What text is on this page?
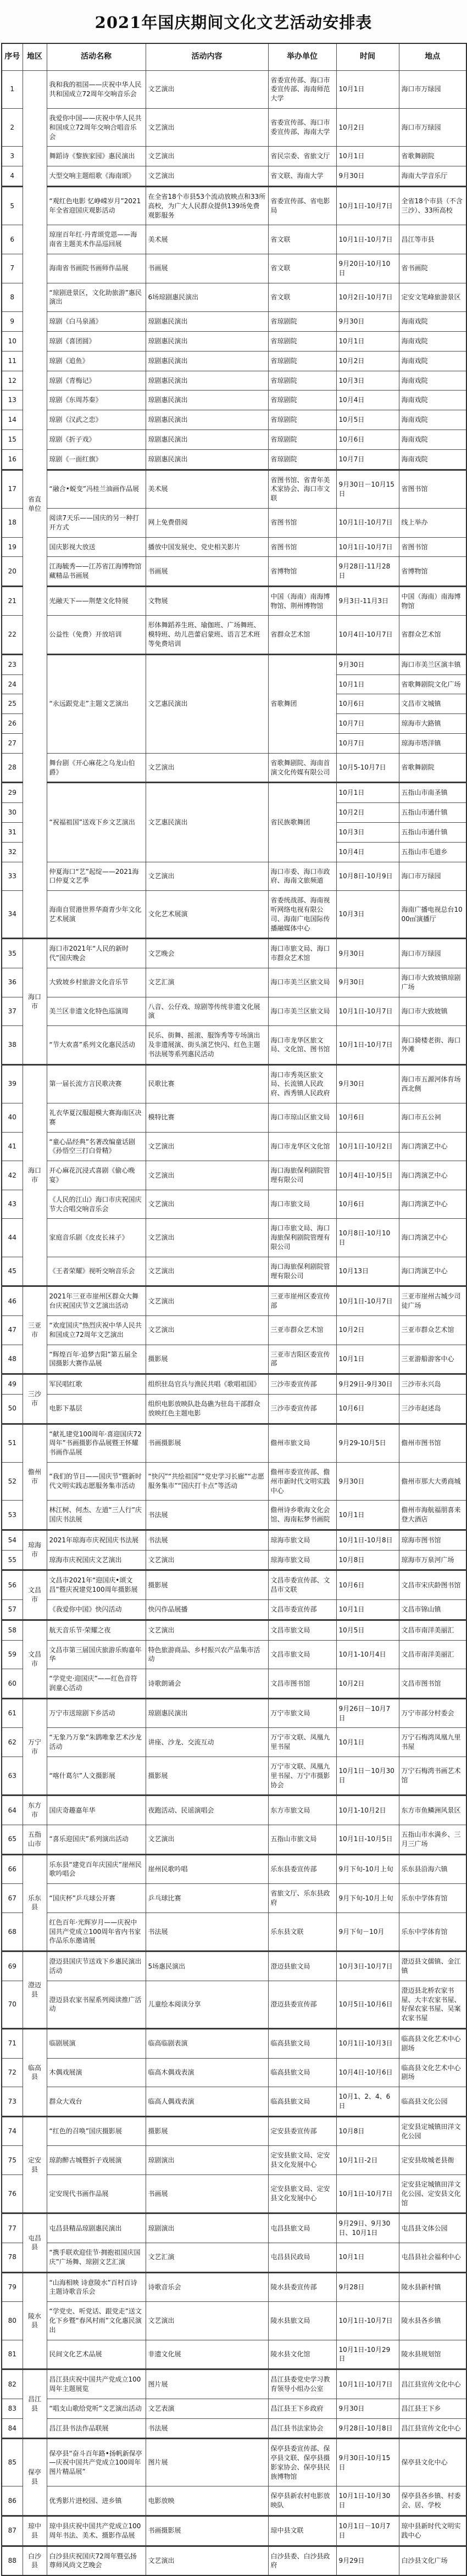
2021年国庆期间文化文艺活动安排表
序号	地区	活动名称	活动内容	举办单位	时间	地点
1	省直单位	我和我的祖国——庆祝中华人民共和国成立72周年交响音乐会	文艺演出	省委宣传部、海口市委宣传部、海南师范大学	10月1日	海口市万绿园
2		我爱你中国——庆祝中华人民共和国成立72周年交响合唱音乐会	文艺演出	省委宣传部、海口市委宣传部、海南大学	10月2日	海口市万绿园
3		舞蹈诗《黎族家园》惠民演出	文艺演出	省民宗委、省旅文厅	10月1日	省歌舞剧院
4		大型交响主题组歌《海南颂》	文艺演出	省文联、海南大学	9月30日	海南大学音乐厅
5		“观红色电影 忆峥嵘岁月”2021年全省迎国庆观影活动	在全省18个市县53个流动放映点和33所高校，为广大人民群众提供139场免费观影服务	省委宣传部、省电影局	10月1日-10月7日	全省18个市县（不含三沙）、33所高校
6		琼崖百年红·丹青颂党恩——海南省主题美术作品巡回展	美术展	省文联	10月1日-10月7日	昌江等市县
7		海南省书画院书画师作品展	书画展	省文联	9月20日-10月10日	省书画院
8		“琼剧进景区，文化助旅游”惠民演出	6场琼剧惠民演出	省文联	10月2日-10月7日	定安文笔峰旅游景区
9		琼剧《白马泉涌》	琼剧惠民演出	省琼剧院	9月30日	海南戏院
10		琼剧《喜团圆》	琼剧惠民演出	省琼剧院	10月1日	海南戏院
11		琼剧《追鱼》	琼剧惠民演出	省琼剧院	10月2日	海南戏院
12		琼剧《青梅记》	琼剧惠民演出	省琼剧院	10月3日	海南戏院
13		琼剧《东周苏秦》	琼剧惠民演出	省琼剧院	10月4日	海南戏院
14		琼剧《汉武之恋》	琼剧惠民演出	省琼剧院	10月5日	海南戏院
15		琼剧《折子戏》	琼剧惠民演出	省琼剧院	10月6日	海南戏院
16		琼剧《一面红旗》	琼剧惠民演出	省琼剧院	10月7日	海南戏院
17		“融合•蜕变”冯桂兰油画作品展	美术展	省图书馆、省青年美术家协会、海口市文联	9月30日－10月15日	省图书馆
18		阅读7天乐——国庆的另一种打开方式	网上免费借阅	省图书馆	10月1日-10月7日	线上举办
19		国庆影视大放送	播放中国发展史、党史相关影片	省图书馆	10月1日-10月7日	省图书馆
20		江海毓秀——江苏省江海博物馆藏精品书画展	书画展	省博物馆	9月28日-11月28日	省博物馆
21		光融天下——荆楚文化特展	文物展	中国（海南）南海博物馆、荆州博物馆	9月3日-11月3日	中国（海南）南海博物馆
22		公益性（免费）开放培训	形体舞蹈养生班、瑜伽班、广场舞班、模特班、幼儿芭蕾启蒙班、语言艺术班等免费培训	省群众艺术馆	10月4日-10月7日	省群众艺术馆
23		“永远跟党走”主题文艺演出	文艺惠民演出	省歌舞团	9月30日	海口市美兰区演丰镇
24					10月1日	省歌舞剧院文化广场
25					10月6日	文昌市文城镇
26					10月7日	琼海市大路镇
27					10月7日	琼海市塔洋镇
28		舞台剧《开心麻花之乌龙山伯爵》	文艺演出	省歌舞剧院、海南首演文化传媒有限公司	10月5-10月7日	省歌舞剧院
29		“祝福祖国”送戏下乡文艺演出	文艺惠民演出	省民族歌舞团	10月1日	五指山市南圣镇
30					10月2日	五指山市通什镇
31					10月3日	五指山市通什镇
32					10月4日	五指山市毛道乡
33		仲夏海口“艺”起绽——2021海口仲夏文艺季	文艺演出	海口市委、海口市政府、海南文旅频道	10月8日-10月9日	海口市万绿园
34		海南自贸港世界华裔青少年文化艺术展演	文化艺术展演	省委统战部、海南视听网络电视有限公司、海南广电国际传播融媒体中心	10月3日	海南广播电视总台1000㎡演播厅
35	海口市	海口市2021年“人民的新时代”国庆晚会	文艺晚会	海口市旅文局、海口市群众艺术馆	9月30日	海口市万绿园
36		大致坡乡村旅游文化音乐节	文艺汇演	海口市美兰区旅文局	9月30日	海口市大致坡镇琼剧广场
37		美兰区非遗文化特色巡演周	八音、公仔戏、琼剧等传统非遗文化展演	海口市美兰区旅文局	10月1日-10月7日	海口市大致坡镇
38		“节大欢喜”系列文化惠民活动	民乐、街舞、摇滚、服饰秀等专场演出及非遗展演、街头演艺快闪、红色主题书法展等系列惠民活动	海口市龙华区旅文局、文化馆、图书馆	10月1日-10月7日	海口骑楼老街、海口外滩
39	海口市	第一届长流方言民歌决赛	民歌比赛	海口市秀英区旅文局、长流镇人民政府、西秀镇人民政府	9月30日	海口市五源河体育场西北侧
40		礼衣华夏汉服超模大赛海南区决赛	模特比赛	海口市琼山区旅文局	10月6日	海口市五公祠
41		“童心品经典”名著改编童话剧《孙悟空三打白骨精》	文艺演出	海口市龙华区文化馆	10月1日-10月2日	海口湾演艺中心
42		开心麻花沉浸式喜剧《偷心晚宴》	文艺演出	海口海旅保利剧院管理有限公司	10月4日-10月5日	海口湾演艺中心
43		《人民的江山》海口市庆祝国庆节大合唱交响音乐会	文艺演出	海口市旅文局	10月6日	海口湾演艺中心
44		家庭音乐剧《皮皮长袜子》	文艺演出	海口市旅文局、海口海旅保利剧院管理有限公司	10月8日-10月10日	海口湾演艺中心
45		《王者荣耀》视听交响音乐会	文艺演出	海口海旅保利剧院管理有限公司	10月13日	海口湾演艺中心
46	三亚市	2021年三亚市崖州区群众大舞台庆祝国庆节文艺演出活动	文艺演出	三亚市崖州区委宣传部	10月1日-10月7日	三亚市崖州古城少司徒广场
47		“欢度国庆”热烈庆祝中华人民共和国成立72周年文艺演出	文艺演出	三亚市群众艺术馆	10月2日	三亚市群众艺术馆
48		“辉煌百年·追梦吉阳”第五届全国摄影大赛作品展	摄影展	三亚市吉阳区委宣传部	10月1日	三亚游船游客中心
49	三沙市	军民唱红歌	组织驻岛官兵与渔民共唱《歌唱祖国》	三沙市委宣传部	9月29日-9月30日	三沙市永兴岛
50		电影下基层	组织电影放映队赴岛礁为驻岛干部群众放映红色主题电影	三沙市委宣传部	10月6日	三沙市赵述岛
51	儋州市	“献礼建党100周年·喜迎国庆72周年”书画摄影作品展暨王怀耀书画作品展	书画摄影展	儋州市旅文局	9月29-10月5日	儋州市图书馆
52		“我们的节日——国庆节”暨新时代文明实践志愿服务集市活动	“快闪”“共绘祖国”“党史学习长廊”“志愿服务集市”“国庆打卡点”等活动	儋州市委宣传部、儋州市新时代文明实践中心	9月30日	儋州市那大大勇商城
53		林江树、何杰、左道“三人行”庆国庆书法展	书法展	儋州诗乡歌海文化会馆、海南耘梦书画院	10月1日	儋州市海航福朋喜来登大酒店
54	琼海市	2021年琼海市庆祝国庆书法展	书法展	琼海市旅文局	10月1日-10月8日	琼海市图书馆
55		琼海市庆祝国庆文艺演出	文艺演出	琼海市旅文局	10月8日	琼海市万泉河广场
56	文昌市	文昌市2021年“迎国庆•颂文昌”暨庆祝建党100周年摄影展	摄影展	文昌市委宣传部、文昌市文联	10月6日	文昌市宋庆龄图书馆
57		《我爱你中国》快闪活动	快闪作品展播	文昌市委宣传部	10月1日	文昌市锦山镇
58	文昌市	航天音乐节·荣耀之夜	文艺演出	文昌市旅文局	10月5日	文昌市南洋美丽汇
59		文昌市第三届国庆旅游乐购嘉年华	特色旅游商品、乡村振兴农产品集市活动	文昌市旅文局	10月1-10月4日	文昌市南洋美丽汇
60		“学党史·迎国庆”——红色音符润童心活动	诗歌朗诵会	文昌市图书馆	10月2日	文昌市图书馆
61	万宁市	万宁市送琼剧下乡活动	琼剧惠民演出	万宁市旅文局	9月26日－10月7日	万宁市部分村委会
62		“无象乃万象”朱鹍唯象艺术沙龙活动	讲座、沙龙、交流互动	万宁市文联、凤凰九里书屋	10月1日	万宁石梅湾凤凰九里书屋
63		“喀什葛尔”人文摄影展	摄影展	万宁市文联、凤凰九里书屋、万宁市摄影协会	10月1日－10月30日	万宁石梅湾书画艺术馆
64	东方市	国庆奇趣嘉年华	夜跑活动、民谣演唱会	东方市旅文局	10月1-10月2日	东方市鱼鳞洲风景区
65	五指山市	“喜乐迎国庆”系列演出活动	文艺演出	五指山市旅文局	10月1日-10月5日	五指山市水满乡、三月三广场
66	乐东县	乐东县“建党百年庆国庆”崖州民歌吟唱会	崖州民歌吟唱	乐东县委宣传部	9月下旬-10月上旬	乐东县沿海六镇
67		“国庆杯”乒乓球公开赛	乒乓球比赛	省旅文厅、乐东县政府	9月下旬-10月上旬	乐东中学体育馆
68		红色百年·光辉岁月——庆祝中国共产党成立100周年省内书家作品乐东邀请展	书法展	乐东县文联	9月下旬－10月	乐东中学体育馆
69	澄迈县	澄迈县国庆节送戏下乡惠民演出活动	5场惠民演出	澄迈县旅文局	10月3日-10月7日	澄迈县文儒镇、金江镇
70		澄迈县农家书屋系列阅读推广活动	儿童绘本阅读分享	澄迈县委宣传部	10月5日-10月6日	澄迈县北桥农家书屋、大丰农家书屋、好保农家书屋、吴案农家书屋
71	临高县	临剧展演	临高临剧表演	临高县旅文局	10月1日-10月3日	临高县文化艺术中心剧场
72		木偶戏展演	临高木偶戏表演	临高县旅文局	10月4日-10月6日	临高县文化艺术中心剧场
73		群众大戏台	临高人偶戏表演	临高县旅文局	10月1、2、4、6日	临高县文化公园
74	定安县	“红色的召唤”国庆摄影展	摄影展	定安县委宣传部	10月8日	定安县定城镇田洋文化公园
75		琼韵醉古城暨折子戏展演	琼剧演出	定安县旅文局、定安县文化发展中心	10月1日-2日	定安县故城老县衙
76		定安现代书画作品展	书画展	定安县旅文局、定安县文化发展中心	10月1日-10月7日	定安县定城镇田洋文化公园、定安县文化馆
77	屯昌县	屯昌县精品琼剧惠民演出	琼剧演出	屯昌县旅文局	9月29日、9月30日、10月1日	屯昌县文体公园
78		“携手联欢迎佳节·拥抱祖国庆国庆”广场舞、琼剧文艺汇演	文艺汇演	屯昌县民政局	10月1日	屯昌县社会福利中心
79	陵水县	“山海相映 诗意陵水”百村百诗主题诗歌音乐会	诗歌音乐会	陵水县委宣传部	9月28日	陵水县新村镇
80		“学党史、听党话、跟党走”送文化下乡暨“春风村雨”文化惠民演出	文艺演出	陵水县旅文局	10月1日-10月7日	陵水县各乡镇
81		民间文化艺术品展	非遗文化展	陵水县文化馆	10月1日-10月29日	陵水县规划馆
82	昌江县	昌江县庆祝中国共产党成立100周年主题展览	图片展	昌江县委党史学习教育领导小组办公室	10月1日-10月7日	昌江县宣传文化中心
83		“唱支山歌给党听”文艺演出活动	文艺表演	昌江县王下乡政府	9月30日	昌江县王下乡
84		昌江县书法作品联展	书法展	昌江县书法家协会	9月28日-10月8日	昌江县宣传文化中心
85	保亭县	保亭县“奋斗百年路•扬帆新保亭—庆祝中国共产党成立100周年图片精品展”	图片展	保亭县委宣传部、保亭县文联、保亭县摄影家协会、保亭县民族博物馆	9月30日-10月15日	保亭县文化中心
86		优秀影片进校园、进乡镇	电影放映	保亭县新农村电影放映队	10月1日-10月30日	保亭县各乡镇、村委会、居、学校
87	琼中县	琼中县庆祝中国共产党成立100周年书法、美术、摄影作品展	书画摄影展	琼中县文联	10月1日－10月7日	琼中县新时代文明实践中心
88	白沙县	白沙县庆祝国庆72周年暨弘扬尊师风尚文艺晚会	文艺演出	白沙县委、白沙县政府	9月29日	白沙县文化广场
